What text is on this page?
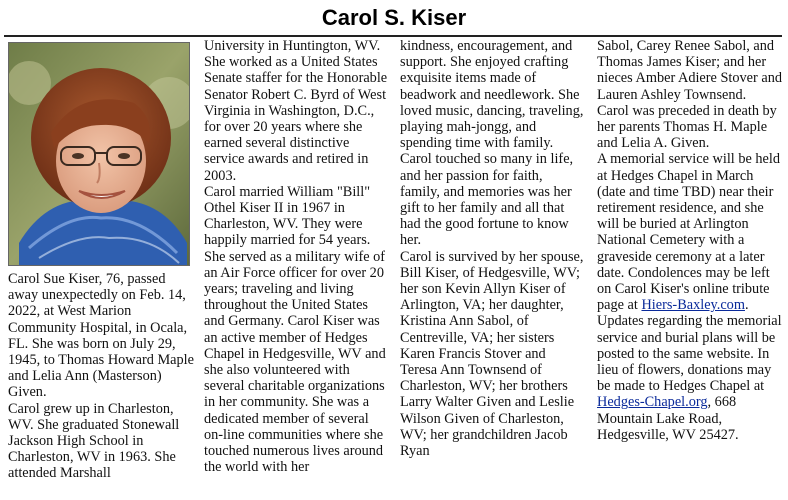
Carol S. Kiser

Carol Sue Kiser, 76, passed away unexpectedly on Feb. 14, 2022, at West Marion Community Hospital, in Ocala, FL. She was born on July 29, 1945, to Thomas Howard Maple and Lelia Ann (Masterson) Given.

Carol grew up in Charleston, WV. She graduated Stonewall Jackson High School in Charleston, WV in 1963. She attended Marshall

University in Huntington, WV. She worked as a United States Senate staffer for the Honorable Senator Robert C. Byrd of West Virginia in Washington, D.C., for over 20 years where she earned several distinctive service awards and retired in 2003.

Carol married William "Bill" Othel Kiser II in 1967 in Charleston, WV. They were happily married for 54 years. She served as a military wife of an Air Force officer for over 20 years; traveling and living throughout the United States and Germany. Carol Kiser was an active member of Hedges Chapel in Hedgesville, WV and she also volunteered with several charitable organizations in her community. She was a dedicated member of several on-line communities where she touched numerous lives around the world with her

kindness, encouragement, and support. She enjoyed crafting exquisite items made of beadwork and needlework. She loved music, dancing, traveling, playing mah-jongg, and spending time with family.

Carol touched so many in life, and her passion for faith, family, and memories was her gift to her family and all that had the good fortune to know her.

Carol is survived by her spouse, Bill Kiser, of Hedgesville, WV; her son Kevin Allyn Kiser of Arlington, VA; her daughter, Kristina Ann Sabol, of Centreville, VA; her sisters Karen Francis Stover and Teresa Ann Townsend of Charleston, WV; her brothers Larry Walter Given and Leslie Wilson Given of Charleston, WV; her grandchildren Jacob Ryan

Sabol, Carey Renee Sabol, and Thomas James Kiser; and her nieces Amber Adiere Stover and Lauren Ashley Townsend.

Carol was preceded in death by her parents Thomas H. Maple and Lelia A. Given.

A memorial service will be held at Hedges Chapel in March (date and time TBD) near their retirement residence, and she will be buried at Arlington National Cemetery with a graveside ceremony at a later date. Condolences may be left on Carol Kiser's online tribute page at Hiers-Baxley.com. Updates regarding the memorial service and burial plans will be posted to the same website. In lieu of flowers, donations may be made to Hedges Chapel at Hedges-Chapel.org, 668 Mountain Lake Road, Hedgesville, WV 25427.
